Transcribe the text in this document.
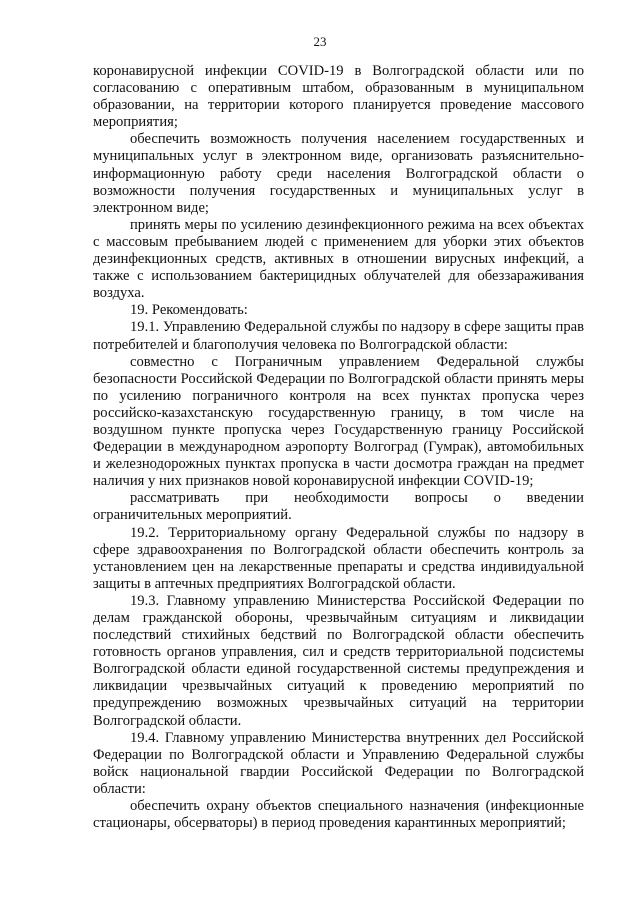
23

коронавирусной инфекции COVID-19 в Волгоградской области или по согласованию с оперативным штабом, образованным в муниципальном образовании, на территории которого планируется проведение массового мероприятия;

обеспечить возможность получения населением государственных и муниципальных услуг в электронном виде, организовать разъяснительно-информационную работу среди населения Волгоградской области о возможности получения государственных и муниципальных услуг в электронном виде;

принять меры по усилению дезинфекционного режима на всех объектах с массовым пребыванием людей с применением для уборки этих объектов дезинфекционных средств, активных в отношении вирусных инфекций, а также с использованием бактерицидных облучателей для обеззараживания воздуха.

19. Рекомендовать:

19.1. Управлению Федеральной службы по надзору в сфере защиты прав потребителей и благополучия человека по Волгоградской области:

совместно с Пограничным управлением Федеральной службы безопасности Российской Федерации по Волгоградской области принять меры по усилению пограничного контроля на всех пунктах пропуска через российско-казахстанскую государственную границу, в том числе на воздушном пункте пропуска через Государственную границу Российской Федерации в международном аэропорту Волгоград (Гумрак), автомобильных и железнодорожных пунктах пропуска в части досмотра граждан на предмет наличия у них признаков новой коронавирусной инфекции COVID-19;

рассматривать при необходимости вопросы о введении ограничительных мероприятий.

19.2. Территориальному органу Федеральной службы по надзору в сфере здравоохранения по Волгоградской области обеспечить контроль за установлением цен на лекарственные препараты и средства индивидуальной защиты в аптечных предприятиях Волгоградской области.

19.3. Главному управлению Министерства Российской Федерации по делам гражданской обороны, чрезвычайным ситуациям и ликвидации последствий стихийных бедствий по Волгоградской области обеспечить готовность органов управления, сил и средств территориальной подсистемы Волгоградской области единой государственной системы предупреждения и ликвидации чрезвычайных ситуаций к проведению мероприятий по предупреждению возможных чрезвычайных ситуаций на территории Волгоградской области.

19.4. Главному управлению Министерства внутренних дел Российской Федерации по Волгоградской области и Управлению Федеральной службы войск национальной гвардии Российской Федерации по Волгоградской области:

обеспечить охрану объектов специального назначения (инфекционные стационары, обсерваторы) в период проведения карантинных мероприятий;
